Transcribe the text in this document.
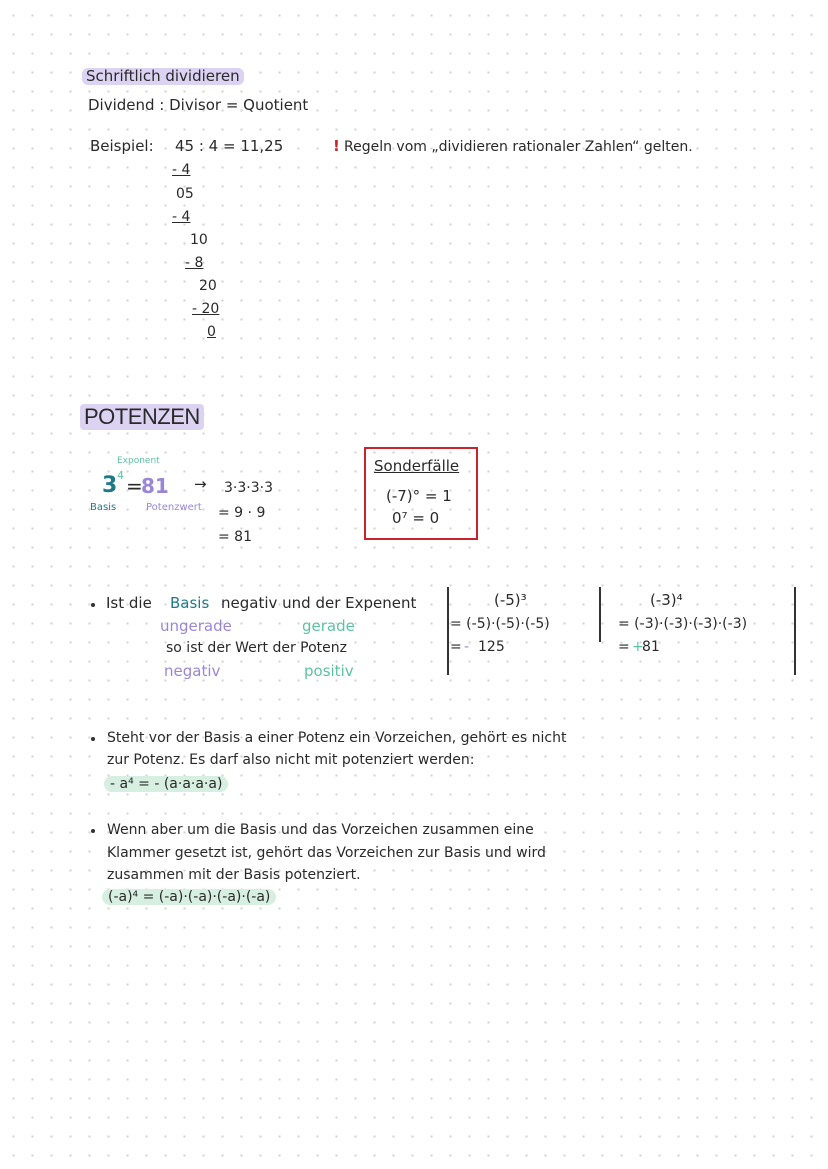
Schriftlich dividieren
Dividend : Divisor = Quotient
Beispiel: 45 : 4 = 11,25
- 4
05
- 4
10
- 8
20
- 20
0
! Regeln vom „dividieren rationaler Zahlen“ gelten.
POTENZEN
Exponent
3 4 =
81
Basis	Potenzwert
→ 3·3·3·3
= 9 · 9
= 81
Sonderfälle
(-7)° = 1
0⁷ = 0
Ist die Basis negativ und der Expenent
ungerade	gerade
so ist der Wert der Potenz
negativ	positiv
(-5)³
= (-5)·(-5)·(-5)
= - 125
(-3)⁴
= (-3)·(-3)·(-3)·(-3)
= +
81
Steht vor der Basis a einer Potenz ein Vorzeichen, gehört es nicht
zur Potenz. Es darf also nicht mit potenziert werden:
- a⁴ = - (a·a·a·a)
Wenn aber um die Basis und das Vorzeichen zusammen eine
Klammer gesetzt ist, gehört das Vorzeichen zur Basis und wird
zusammen mit der Basis potenziert.
(-a)⁴ = (-a)·(-a)·(-a)·(-a)
